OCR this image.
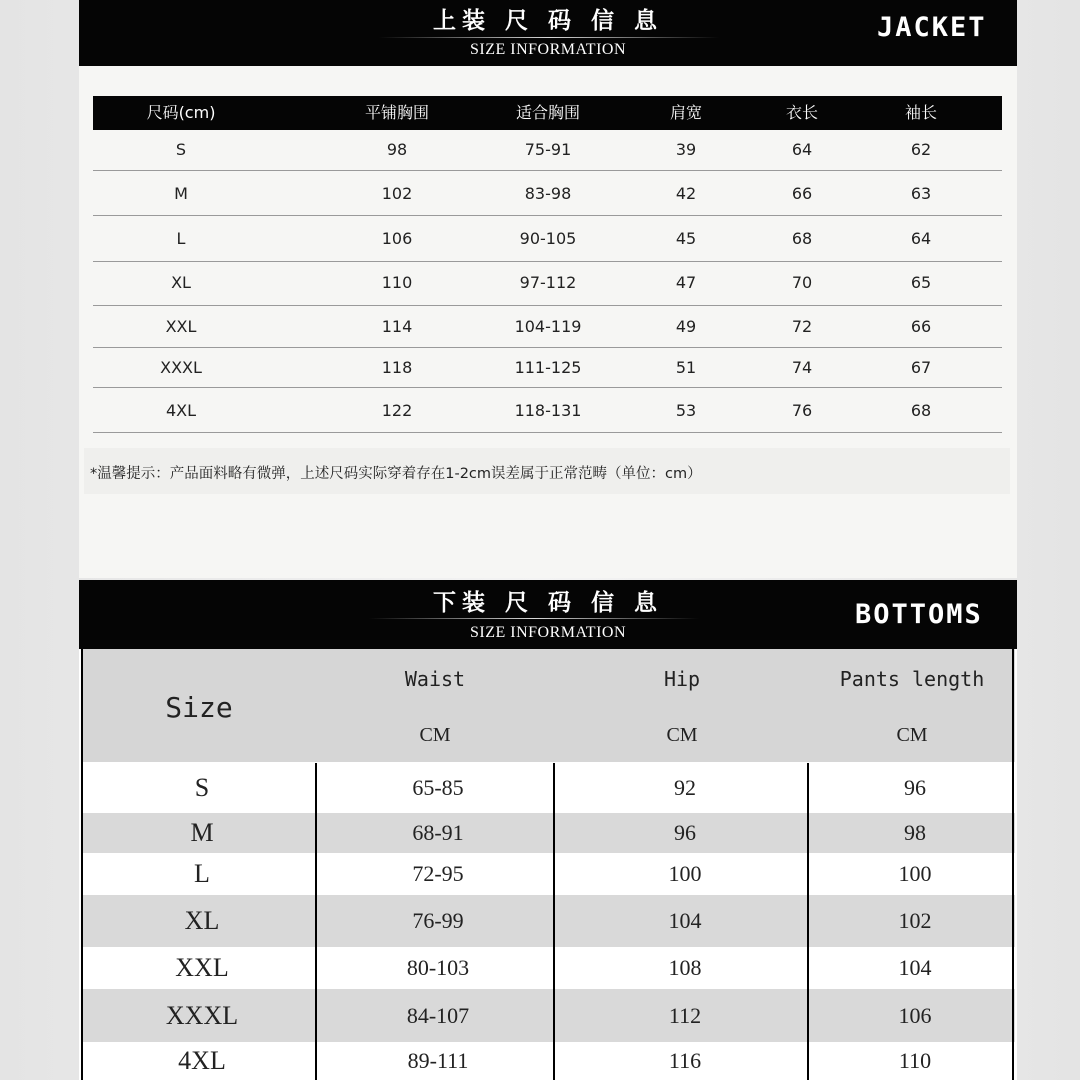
上装 尺 码 信 息
SIZE INFORMATION
JACKET
尺码(cm)	平铺胸围	适合胸围	肩宽	衣长	袖长
S	98	75-91	39	64	62
M	102	83-98	42	66	63
L	106	90-105	45	68	64
XL	110	97-112	47	70	65
XXL	114	104-119	49	72	66
XXXL	118	111-125	51	74	67
4XL	122	118-131	53	76	68
*温馨提示：产品面料略有微弹，上述尺码实际穿着存在1-2cm误差属于正常范畴（单位：cm）
下装 尺 码 信 息
SIZE INFORMATION
BOTTOMS
Size
Waist	Hip	Pants length
CM	CM	CM
S	65-85	92	96
M	68-91	96	98
L	72-95	100	100
XL	76-99	104	102
XXL	80-103	108	104
XXXL	84-107	112	106
4XL	89-111	116	110
